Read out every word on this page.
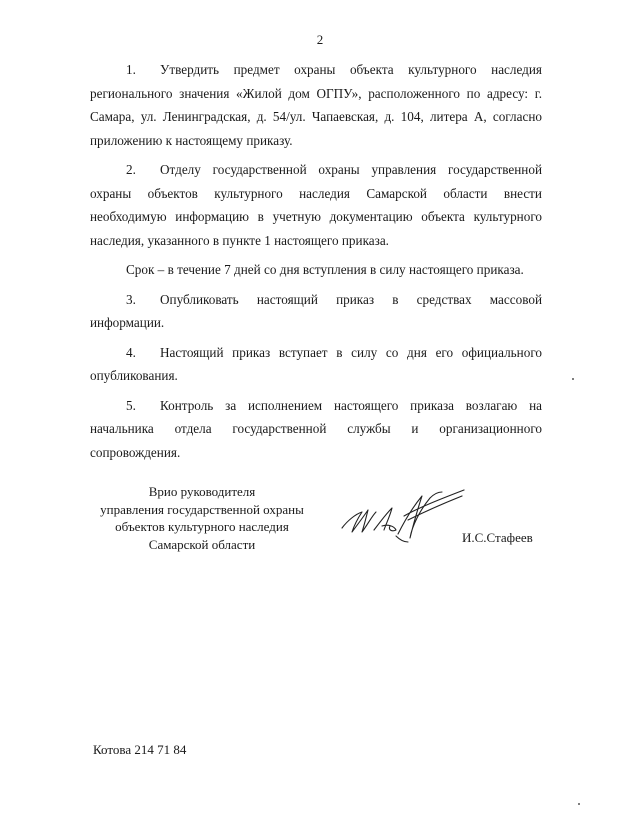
2

1. Утвердить предмет охраны объекта культурного наследия регионального значения «Жилой дом ОГПУ», расположенного по адресу: г. Самара, ул. Ленинградская, д. 54/ул. Чапаевская, д. 104, литера А, согласно приложению к настоящему приказу.

2. Отделу государственной охраны управления государственной охраны объектов культурного наследия Самарской области внести необходимую информацию в учетную документацию объекта культурного наследия, указанного в пункте 1 настоящего приказа.

Срок – в течение 7 дней со дня вступления в силу настоящего приказа.

3. Опубликовать настоящий приказ в средствах массовой информации.

4. Настоящий приказ вступает в силу со дня его официального опубликования.

5. Контроль за исполнением настоящего приказа возлагаю на начальника отдела государственной службы и организационного сопровождения.

Врио руководителя
управления государственной охраны
объектов культурного наследия
Самарской области	И.С.Стафеев
Котова 214 71 84
